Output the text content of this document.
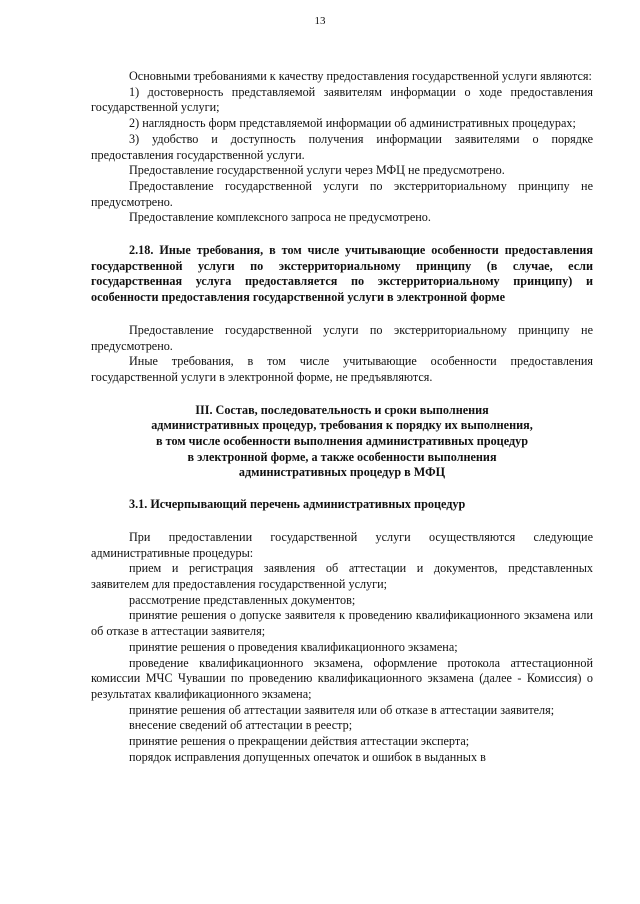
13

Основными требованиями к качеству предоставления государственной услуги являются:

1) достоверность представляемой заявителям информации о ходе предоставления государственной услуги;

2) наглядность форм представляемой информации об административных процедурах;

3) удобство и доступность получения информации заявителями о порядке предоставления государственной услуги.

Предоставление государственной услуги через МФЦ не предусмотрено.

Предоставление государственной услуги по экстерриториальному принципу не предусмотрено.

Предоставление комплексного запроса не предусмотрено.

2.18. Иные требования, в том числе учитывающие особенности предоставления государственной услуги по экстерриториальному принципу (в случае, если государственная услуга предоставляется по экстерриториальному принципу) и особенности предоставления государственной услуги в электронной форме

Предоставление государственной услуги по экстерриториальному принципу не предусмотрено.

Иные требования, в том числе учитывающие особенности предоставления государственной услуги в электронной форме, не предъявляются.

III. Состав, последовательность и сроки выполнения

административных процедур, требования к порядку их выполнения,

в том числе особенности выполнения административных процедур

в электронной форме, а также особенности выполнения

административных процедур в МФЦ

3.1. Исчерпывающий перечень административных процедур

При предоставлении государственной услуги осуществляются следующие административные процедуры:

прием и регистрация заявления об аттестации и документов, представленных заявителем для предоставления государственной услуги;

рассмотрение представленных документов;

принятие решения о допуске заявителя к проведению квалификационного экзамена или об отказе в аттестации заявителя;

принятие решения о проведения квалификационного экзамена;

проведение квалификационного экзамена, оформление протокола аттестационной комиссии МЧС Чувашии по проведению квалификационного экзамена (далее - Комиссия) о результатах квалификационного экзамена;

принятие решения об аттестации заявителя или об отказе в аттестации заявителя;

внесение сведений об аттестации в реестр;

принятие решения о прекращении действия аттестации эксперта;

порядок исправления допущенных опечаток и ошибок в выданных в
